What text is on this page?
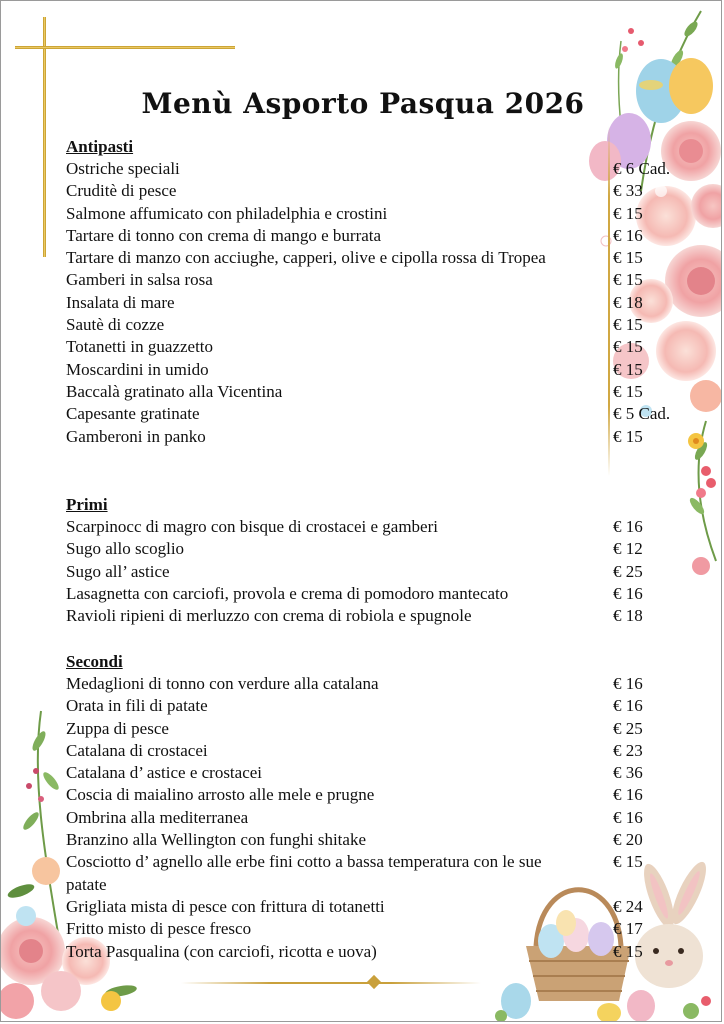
Menù Asporto Pasqua 2026
Antipasti
Ostriche speciali	€ 6 Cad.
Cruditè di pesce	€ 33
Salmone affumicato con philadelphia e crostini	€ 15
Tartare di tonno con crema di mango e burrata	€ 16
Tartare di manzo con acciughe, capperi, olive e cipolla rossa di Tropea	€ 15
Gamberi in salsa rosa	€ 15
Insalata di mare	€ 18
Sautè di cozze	€ 15
Totanetti in guazzetto	€ 15
Moscardini in umido	€ 15
Baccalà gratinato alla Vicentina	€ 15
Capesante gratinate	€ 5 Cad.
Gamberoni in panko	€ 15
Primi
Scarpinocc di magro con bisque di crostacei e gamberi	€ 16
Sugo allo scoglio	€ 12
Sugo all’ astice	€ 25
Lasagnetta con carciofi, provola e crema di pomodoro mantecato	€ 16
Ravioli ripieni di merluzzo con crema di robiola e spugnole	€ 18
Secondi
Medaglioni di tonno con verdure alla catalana	€ 16
Orata in fili di patate	€ 16
Zuppa di pesce	€ 25
Catalana di crostacei	€ 23
Catalana d’ astice e crostacei	€ 36
Coscia di maialino arrosto alle mele e prugne	€ 16
Ombrina alla mediterranea	€ 16
Branzino alla Wellington con funghi shitake	€ 20
Cosciotto d’ agnello alle erbe fini cotto a bassa temperatura con le sue patate
€ 15
Grigliata mista di pesce con frittura di totanetti	€ 24
Fritto misto di pesce fresco	€ 17
Torta Pasqualina (con carciofi, ricotta e uova)	€ 15
